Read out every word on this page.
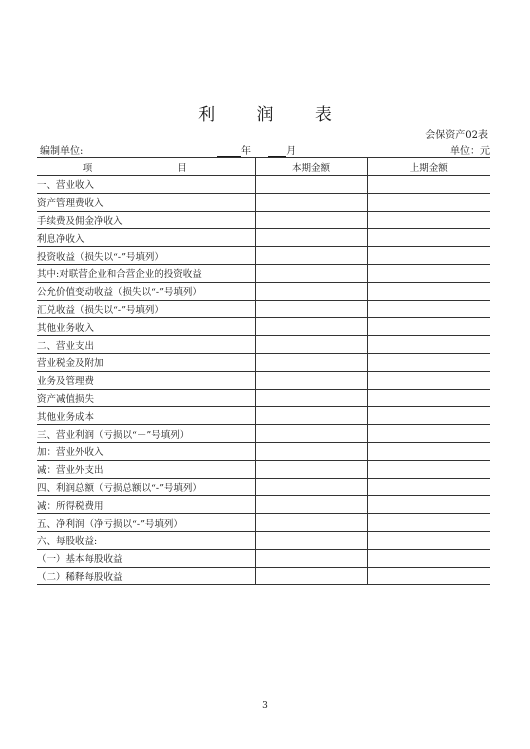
利 润 表
会保资产02表
编制单位:	年	月	单位：元
项　　目	本期金额	上期金额
一、营业收入		
资产管理费收入		
手续费及佣金净收入		
利息净收入		
投资收益（损失以“-”号填列）		
其中:对联营企业和合营企业的投资收益		
公允价值变动收益（损失以“-”号填列）		
汇兑收益（损失以“-”号填列）		
其他业务收入		
二、营业支出		
营业税金及附加		
业务及管理费		
资产减值损失		
其他业务成本		
三、营业利润（亏损以“－”号填列）		
加：营业外收入		
减：营业外支出		
四、利润总额（亏损总额以“-”号填列）		
减：所得税费用		
五、净利润（净亏损以“-”号填列）		
六、每股收益:		
（一）基本每股收益		
（二）稀释每股收益		
3
